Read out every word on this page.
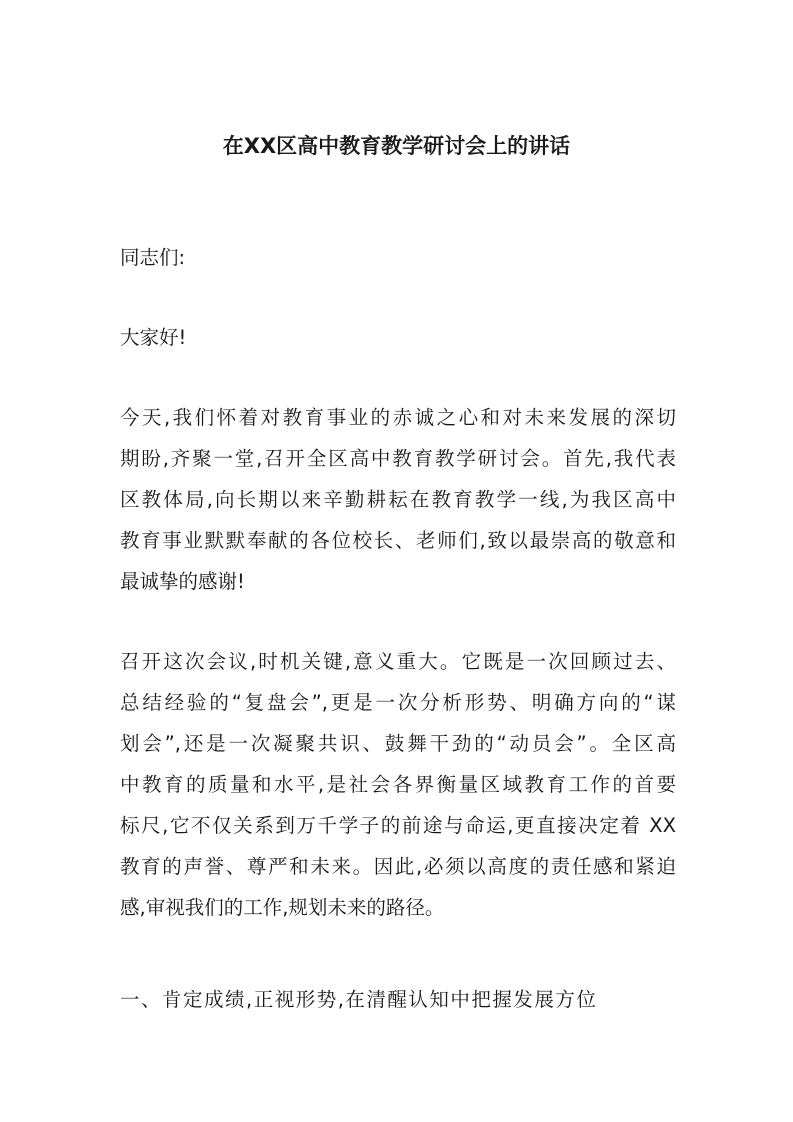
在XX区高中教育教学研讨会上的讲话
同志们:
大家好!
今天,我们怀着对教育事业的赤诚之心和对未来发展的深切
期盼,齐聚一堂,召开全区高中教育教学研讨会。首先,我代表
区教体局,向长期以来辛勤耕耘在教育教学一线,为我区高中
教育事业默默奉献的各位校长、老师们,致以最崇高的敬意和
最诚挚的感谢!
召开这次会议,时机关键,意义重大。它既是一次回顾过去、
总结经验的“复盘会”,更是一次分析形势、明确方向的“谋
划会”,还是一次凝聚共识、鼓舞干劲的“动员会”。全区高
中教育的质量和水平,是社会各界衡量区域教育工作的首要
标尺,它不仅关系到万千学子的前途与命运,更直接决定着 XX
教育的声誉、尊严和未来。因此,必须以高度的责任感和紧迫
感,审视我们的工作,规划未来的路径。
一、肯定成绩,正视形势,在清醒认知中把握发展方位
